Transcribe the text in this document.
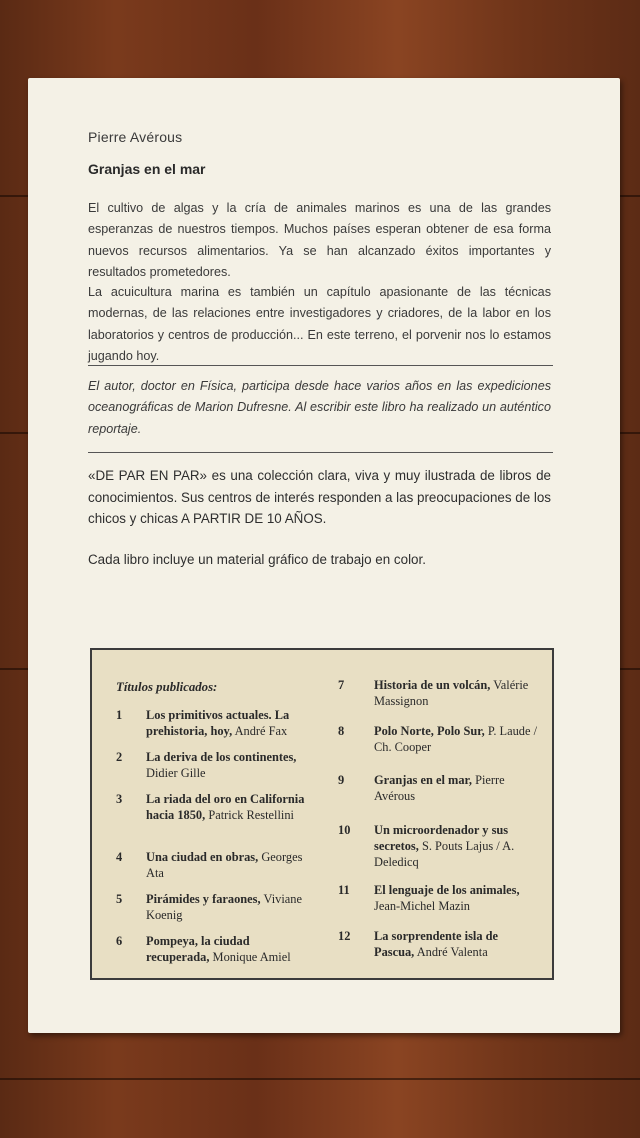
Pierre Avérous
Granjas en el mar

El cultivo de algas y la cría de animales marinos es una de las grandes esperanzas de nuestros tiempos. Muchos países esperan obtener de esa forma nuevos recursos alimentarios. Ya se han alcanzado éxitos importantes y resultados prometedores.

La acuicultura marina es también un capítulo apasionante de las técnicas modernas, de las relaciones entre investigadores y criadores, de la labor en los laboratorios y centros de producción... En este terreno, el porvenir nos lo estamos jugando hoy.

El autor, doctor en Física, participa desde hace varios años en las expediciones oceanográficas de Marion Dufresne. Al escribir este libro ha realizado un auténtico reportaje.

«DE PAR EN PAR» es una colección clara, viva y muy ilustrada de libros de conocimientos. Sus centros de interés responden a las preocupaciones de los chicos y chicas A PARTIR DE 10 AÑOS.

Cada libro incluye un material gráfico de trabajo en color.
Títulos publicados:
1	Los primitivos actuales. La prehistoria, hoy, André Fax
2	La deriva de los continentes, Didier Gille
3	La riada del oro en California hacia 1850, Patrick Restellini
4	Una ciudad en obras, Georges Ata
5	Pirámides y faraones, Viviane Koenig
6	Pompeya, la ciudad recuperada, Monique Amiel
7	Historia de un volcán, Valérie Massignon
8	Polo Norte, Polo Sur, P. Laude / Ch. Cooper
9	Granjas en el mar, Pierre Avérous
10	Un microordenador y sus secretos, S. Pouts Lajus / A. Deledicq
11	El lenguaje de los animales, Jean-Michel Mazin
12	La sorprendente isla de Pascua, André Valenta
